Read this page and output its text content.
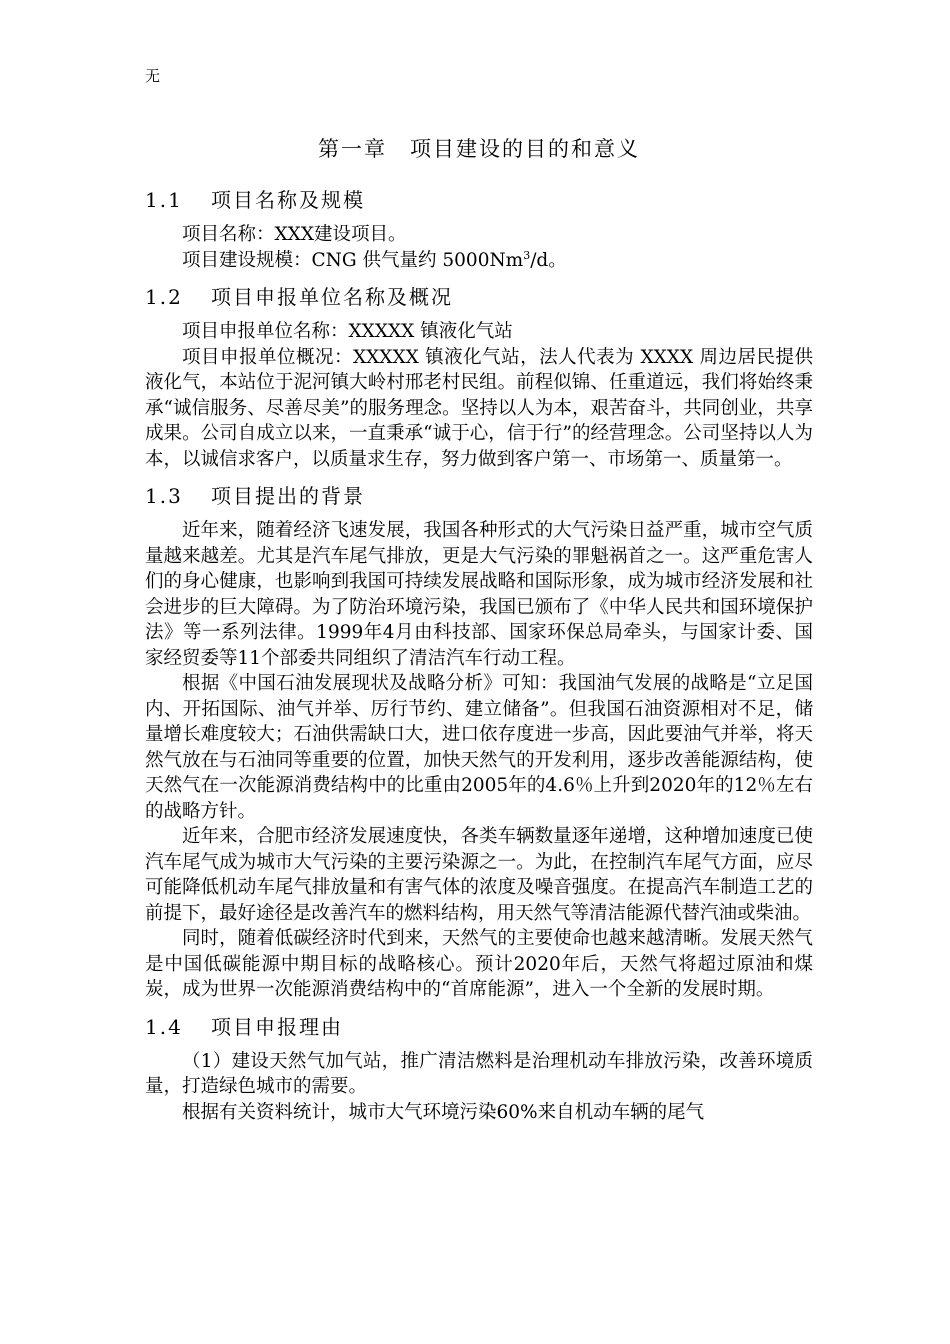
无
第一章　项目建设的目的和意义
1.1 项目名称及规模

项目名称：XXX建设项目。

项目建设规模：CNG 供气量约 5000Nm$^3$/d。

1.2 项目申报单位名称及概况

项目申报单位名称：XXXXX 镇液化气站

项目申报单位概况：XXXXX 镇液化气站，法人代表为 XXXX 周边居民提供液化气，本站位于泥河镇大岭村邢老村民组。前程似锦、任重道远，我们将始终秉承“诚信服务、尽善尽美”的服务理念。坚持以人为本，艰苦奋斗，共同创业，共享成果。公司自成立以来，一直秉承“诚于心，信于行”的经营理念。公司坚持以人为本，以诚信求客户，以质量求生存，努力做到客户第一、市场第一、质量第一。

1.3 项目提出的背景

近年来，随着经济飞速发展，我国各种形式的大气污染日益严重，城市空气质量越来越差。尤其是汽车尾气排放，更是大气污染的罪魁祸首之一。这严重危害人们的身心健康，也影响到我国可持续发展战略和国际形象，成为城市经济发展和社会进步的巨大障碍。为了防治环境污染，我国已颁布了《中华人民共和国环境保护法》等一系列法律。1999年4月由科技部、国家环保总局牵头，与国家计委、国家经贸委等11个部委共同组织了清洁汽车行动工程。

根据《中国石油发展现状及战略分析》可知：我国油气发展的战略是“立足国内、开拓国际、油气并举、厉行节约、建立储备”。但我国石油资源相对不足，储量增长难度较大；石油供需缺口大，进口依存度进一步高，因此要油气并举，将天然气放在与石油同等重要的位置，加快天然气的开发利用，逐步改善能源结构，使天然气在一次能源消费结构中的比重由2005年的4.6％上升到2020年的12％左右的战略方针。

近年来，合肥市经济发展速度快，各类车辆数量逐年递增，这种增加速度已使汽车尾气成为城市大气污染的主要污染源之一。为此，在控制汽车尾气方面，应尽可能降低机动车尾气排放量和有害气体的浓度及噪音强度。在提高汽车制造工艺的前提下，最好途径是改善汽车的燃料结构，用天然气等清洁能源代替汽油或柴油。

同时，随着低碳经济时代到来，天然气的主要使命也越来越清晰。发展天然气是中国低碳能源中期目标的战略核心。预计2020年后，天然气将超过原油和煤炭，成为世界一次能源消费结构中的“首席能源”，进入一个全新的发展时期。

1.4 项目申报理由

（1）建设天然气加气站，推广清洁燃料是治理机动车排放污染，改善环境质量，打造绿色城市的需要。

根据有关资料统计，城市大气环境污染60%来自机动车辆的尾气
